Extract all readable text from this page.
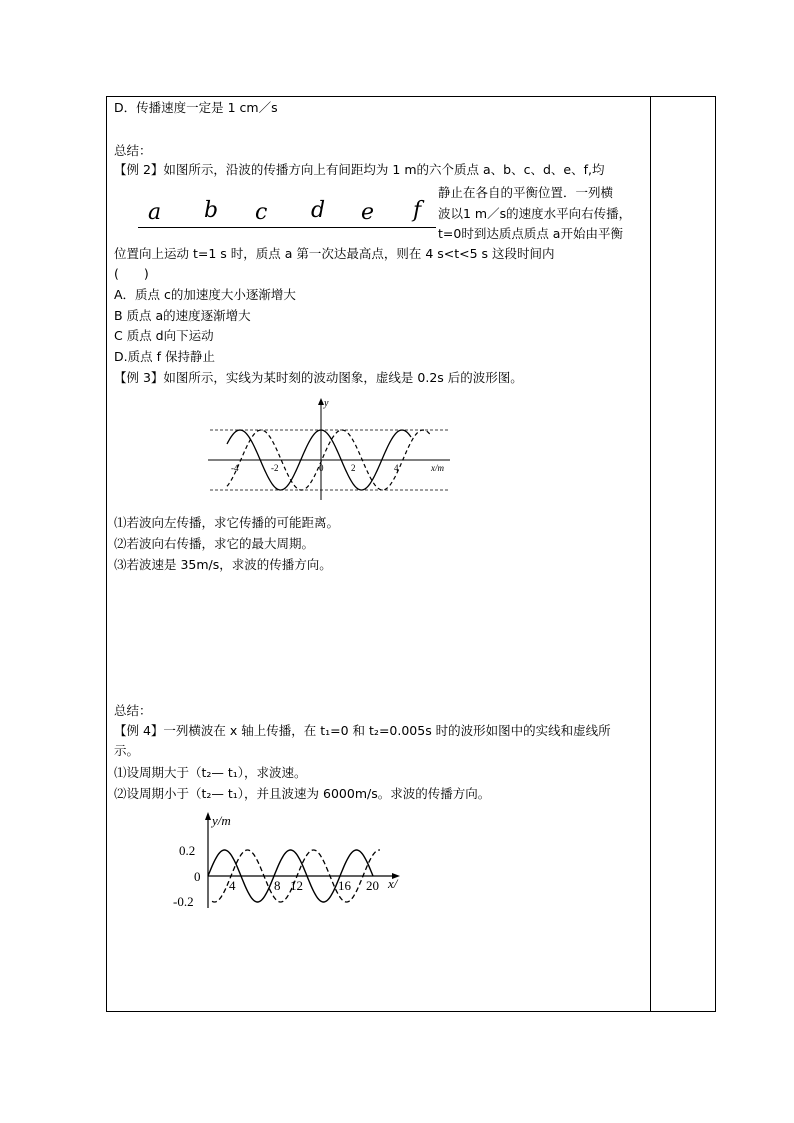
D．传播速度一定是 1 cm／s
总结：
【例 2】如图所示，沿波的传播方向上有间距均为 1 m的六个质点 a、b、c、d、e、f,均
a b c d e f
静止在各自的平衡位置．一列横
波以1 m／s的速度水平向右传播，
t=0时到达质点质点 a开始由平衡
位置向上运动 t=1 s 时，质点 a 第一次达最高点，则在 4 s<t<5 s 这段时间内
(　　)
A．质点 c的加速度大小逐渐增大
B 质点 a的速度逐渐增大
C 质点 d向下运动
D.质点 f 保持静止
【例 3】如图所示，实线为某时刻的波动图象，虚线是 0.2s 后的波形图。
y
x/m
-4	-2	0	2	4
⑴若波向左传播，求它传播的可能距离。
⑵若波向右传播，求它的最大周期。
⑶若波速是 35m/s，求波的传播方向。
总结：
【例 4】一列横波在 x 轴上传播，在 t₁=0 和 t₂=0.005s 时的波形如图中的实线和虚线所
示。
⑴设周期大于（t₂— t₁），求波速。
⑵设周期小于（t₂— t₁），并且波速为 6000m/s。求波的传播方向。
y/m
x/
0.2
0
-0.2
4	8 12	16 20
